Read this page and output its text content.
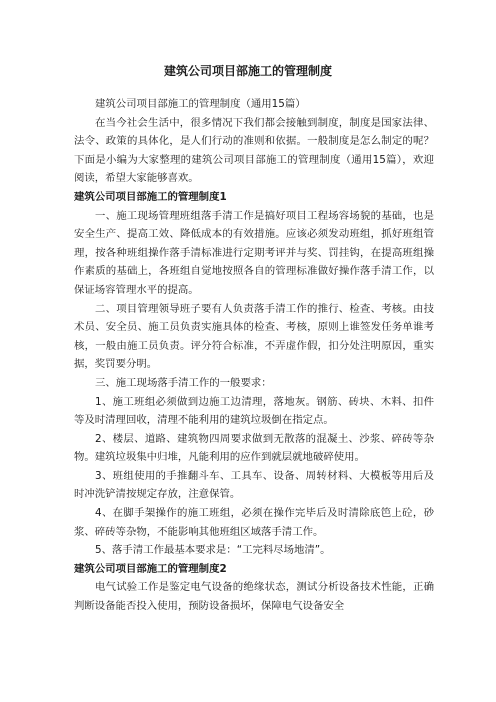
建筑公司项目部施工的管理制度

建筑公司项目部施工的管理制度（通用15篇）

在当今社会生活中，很多情况下我们都会接触到制度，制度是国家法律、法令、政策的具体化，是人们行动的准则和依据。一般制度是怎么制定的呢？下面是小编为大家整理的建筑公司项目部施工的管理制度（通用15篇），欢迎阅读，希望大家能够喜欢。

建筑公司项目部施工的管理制度1

一、施工现场管理班组落手清工作是搞好项目工程场容场貌的基础，也是安全生产、提高工效、降低成本的有效措施。应该必须发动班组，抓好班组管理，按各种班组操作落手清标准进行定期考评并与奖、罚挂钩，在提高班组操作素质的基础上，各班组自觉地按照各自的管理标准做好操作落手清工作，以保证场容管理水平的提高。

二、项目管理领导班子要有人负责落手清工作的推行、检查、考核。由技术员、安全员、施工员负责实施具体的检查、考核，原则上谁签发任务单谁考核，一般由施工员负责。评分符合标准，不弄虚作假，扣分处注明原因，重实据，奖罚要分明。

三、施工现场落手清工作的一般要求：

1、施工班组必须做到边施工边清理，落地灰。钢筋、砖块、木料、扣件等及时清理回收，清理不能利用的建筑垃圾倒在指定点。

2、楼层、道路、建筑物四周要求做到无散落的混凝土、沙浆、碎砖等杂物。建筑垃圾集中归堆，凡能利用的应作到就层就地破碎使用。

3、班组使用的手推翻斗车、工具车、设备、周转材料、大模板等用后及时冲洗铲清按规定存放，注意保管。

4、在脚手架操作的施工班组，必须在操作完毕后及时清除底笆上砼，砂浆、碎砖等杂物，不能影响其他班组区域落手清工作。

5、落手清工作最基本要求是：“工完料尽场地清”。

建筑公司项目部施工的管理制度2

电气试验工作是鉴定电气设备的绝缘状态，测试分析设备技术性能，正确判断设备能否投入使用，预防设备损坏，保障电气设备安全
